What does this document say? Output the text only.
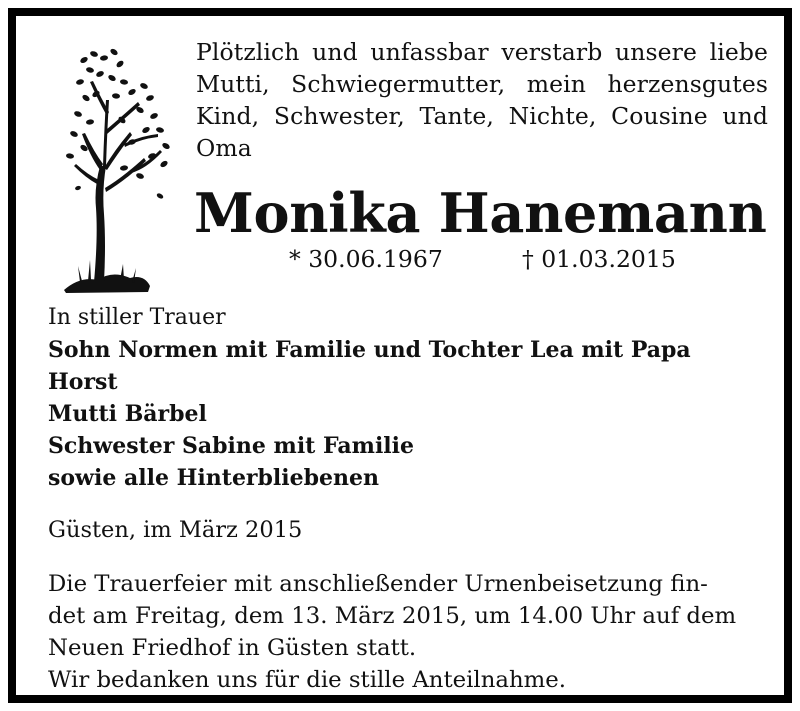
Plötzlich und unfassbar verstarb unsere liebe Mutti, Schwiegermutter, mein herzensgutes Kind, Schwester, Tante, Nichte, Cousine und Oma

Monika Hanemann
* 30.06.1967	† 01.03.2015
In stiller Trauer
Sohn Normen mit Familie und Tochter Lea mit Papa
Horst
Mutti Bärbel
Schwester Sabine mit Familie
sowie alle Hinterbliebenen

Güsten, im März 2015

Die Trauerfeier mit anschließender Urnenbeisetzung fin-
det am Freitag, dem 13. März 2015, um 14.00 Uhr auf dem
Neuen Friedhof in Güsten statt.
Wir bedanken uns für die stille Anteilnahme.
